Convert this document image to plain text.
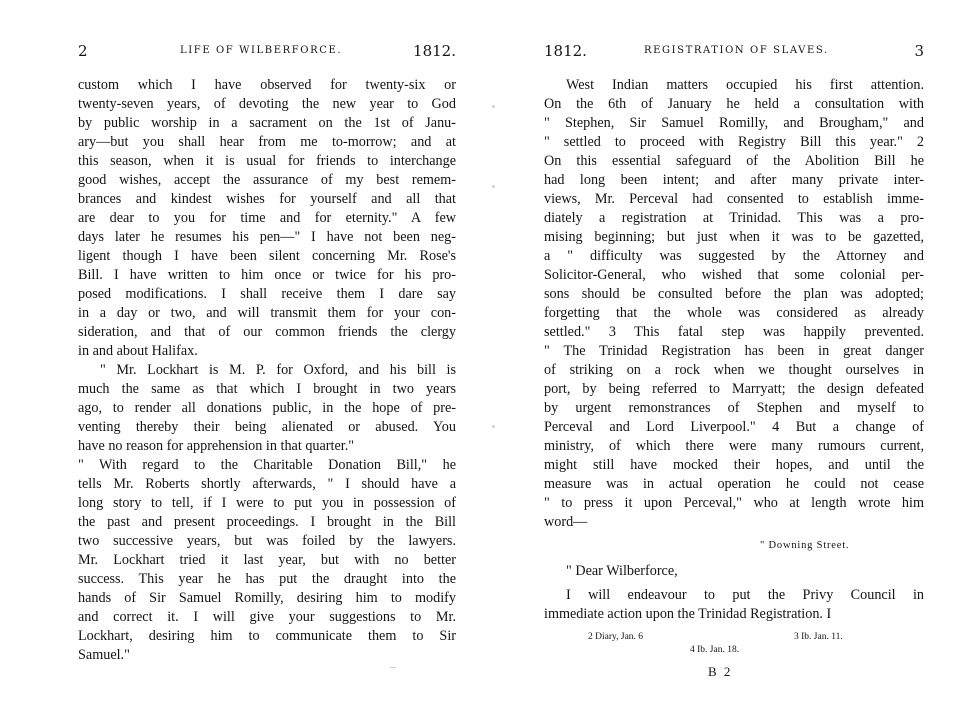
2	LIFE OF WILBERFORCE.	1812.
custom which I have observed for twenty-six or
twenty-seven years, of devoting the new year to God
by public worship in a sacrament on the 1st of Janu-
ary—but you shall hear from me to-morrow; and at
this season, when it is usual for friends to interchange
good wishes, accept the assurance of my best remem-
brances and kindest wishes for yourself and all that
are dear to you for time and for eternity." A few
days later he resumes his pen—" I have not been neg-
ligent though I have been silent concerning Mr. Rose's
Bill. I have written to him once or twice for his pro-
posed modifications. I shall receive them I dare say
in a day or two, and will transmit them for your con-
sideration, and that of our common friends the clergy
in and about Halifax.
" Mr. Lockhart is M. P. for Oxford, and his bill is
much the same as that which I brought in two years
ago, to render all donations public, in the hope of pre-
venting thereby their being alienated or abused. You
have no reason for apprehension in that quarter."
" With regard to the Charitable Donation Bill," he
tells Mr. Roberts shortly afterwards, " I should have a
long story to tell, if I were to put you in possession of
the past and present proceedings. I brought in the Bill
two successive years, but was foiled by the lawyers.
Mr. Lockhart tried it last year, but with no better
success. This year he has put the draught into the
hands of Sir Samuel Romilly, desiring him to modify
and correct it. I will give your suggestions to Mr.
Lockhart, desiring him to communicate them to Sir
Samuel."
1812.	REGISTRATION OF SLAVES.	3
West Indian matters occupied his first attention.
On the 6th of January he held a consultation with
" Stephen, Sir Samuel Romilly, and Brougham," and
" settled to proceed with Registry Bill this year." 2
On this essential safeguard of the Abolition Bill he
had long been intent; and after many private inter-
views, Mr. Perceval had consented to establish imme-
diately a registration at Trinidad. This was a pro-
mising beginning; but just when it was to be gazetted,
a " difficulty was suggested by the Attorney and
Solicitor-General, who wished that some colonial per-
sons should be consulted before the plan was adopted;
forgetting that the whole was considered as already
settled." 3 This fatal step was happily prevented.
" The Trinidad Registration has been in great danger
of striking on a rock when we thought ourselves in
port, by being referred to Marryatt; the design defeated
by urgent remonstrances of Stephen and myself to
Perceval and Lord Liverpool." 4 But a change of
ministry, of which there were many rumours current,
might still have mocked their hopes, and until the
measure was in actual operation he could not cease
" to press it upon Perceval," who at length wrote him
word—
" Downing Street.
" Dear Wilberforce,
I will endeavour to put the Privy Council in
immediate action upon the Trinidad Registration. I
2 Diary, Jan. 6	3 Ib. Jan. 11.
4 Ib. Jan. 18.
B 2
